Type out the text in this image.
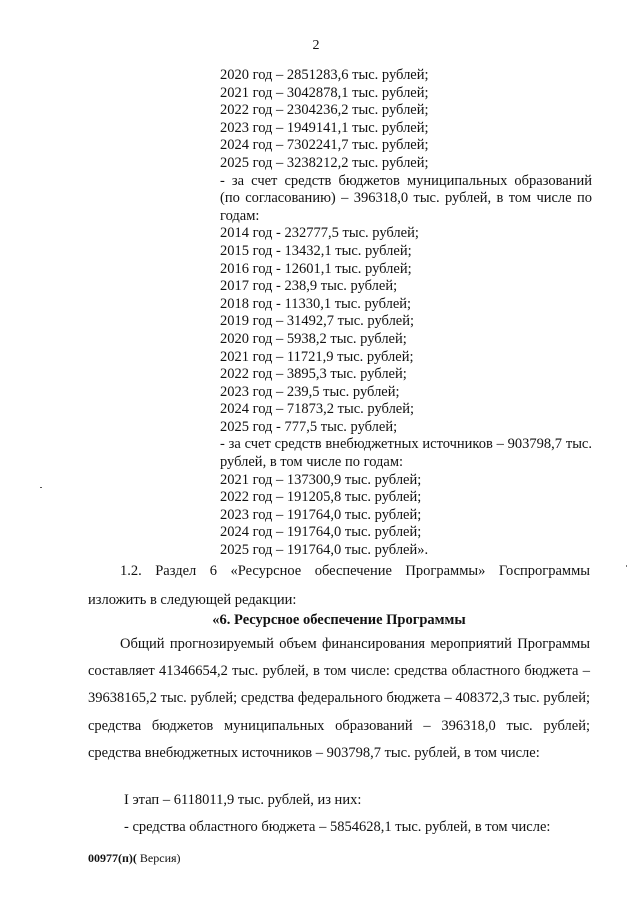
2
2020 год – 2851283,6 тыс. рублей;
2021 год – 3042878,1 тыс. рублей;
2022 год – 2304236,2 тыс. рублей;
2023 год – 1949141,1 тыс. рублей;
2024 год – 7302241,7 тыс. рублей;
2025 год – 3238212,2 тыс. рублей;
- за счет средств бюджетов муниципальных образований (по согласованию) – 396318,0 тыс. рублей, в том числе по годам:
2014 год - 232777,5 тыс. рублей;
2015 год - 13432,1 тыс. рублей;
2016 год - 12601,1 тыс. рублей;
2017 год - 238,9 тыс. рублей;
2018 год - 11330,1 тыс. рублей;
2019 год – 31492,7 тыс. рублей;
2020 год – 5938,2 тыс. рублей;
2021 год – 11721,9 тыс. рублей;
2022 год – 3895,3 тыс. рублей;
2023 год – 239,5 тыс. рублей;
2024 год – 71873,2 тыс. рублей;
2025 год - 777,5 тыс. рублей;
- за счет средств внебюджетных источников – 903798,7 тыс. рублей, в том числе по годам:
2021 год – 137300,9 тыс. рублей;
2022 год – 191205,8 тыс. рублей;
2023 год – 191764,0 тыс. рублей;
2024 год – 191764,0 тыс. рублей;
2025 год – 191764,0 тыс. рублей».
1.2. Раздел 6 «Ресурсное обеспечение Программы» Госпрограммы изложить в следующей редакции:
«6. Ресурсное обеспечение Программы
Общий прогнозируемый объем финансирования мероприятий Программы составляет 41346654,2 тыс. рублей, в том числе: средства областного бюджета – 39638165,2 тыс. рублей; средства федерального бюджета – 408372,3 тыс. рублей; средства бюджетов муниципальных образований – 396318,0 тыс. рублей; средства внебюджетных источников – 903798,7 тыс. рублей, в том числе:
I этап – 6118011,9 тыс. рублей, из них:
- средства областного бюджета – 5854628,1 тыс. рублей, в том числе:
00977(п)( Версия)
